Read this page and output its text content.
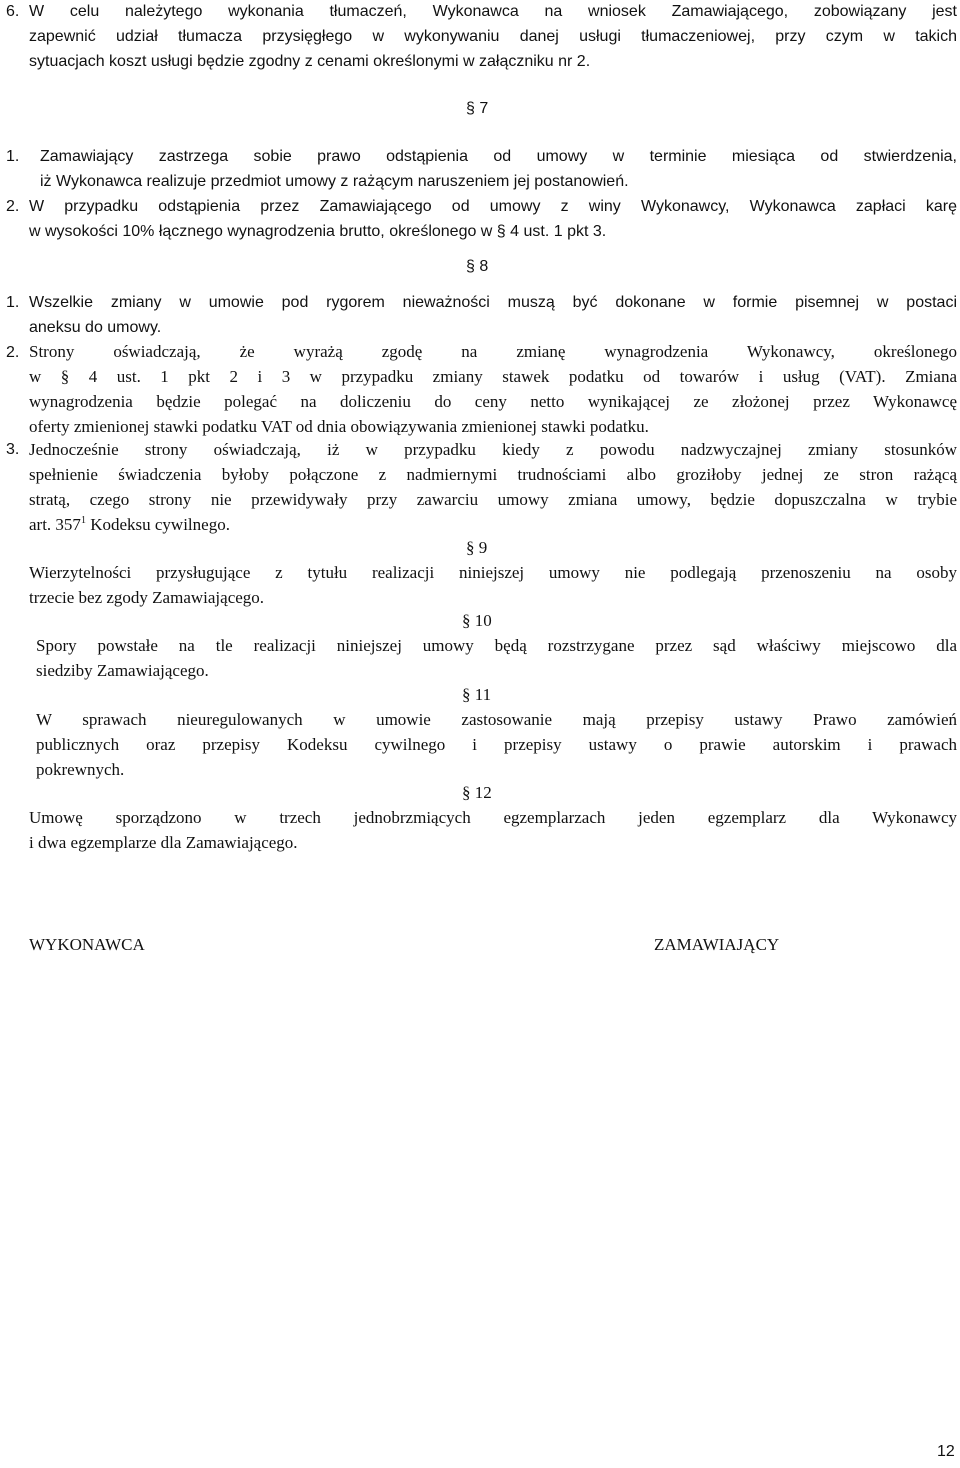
6. W celu należytego wykonania tłumaczeń, Wykonawca na wniosek Zamawiającego, zobowiązany jest
zapewnić udział tłumacza przysięgłego w wykonywaniu danej usługi tłumaczeniowej, przy czym w takich
sytuacjach koszt usługi będzie zgodny z cenami określonymi w załączniku nr 2.
§ 7
1. Zamawiający zastrzega sobie prawo odstąpienia od umowy w terminie miesiąca od stwierdzenia,
iż Wykonawca realizuje przedmiot umowy z rażącym naruszeniem jej postanowień.
2. W przypadku odstąpienia przez Zamawiającego od umowy z winy Wykonawcy, Wykonawca zapłaci karę
w wysokości 10% łącznego wynagrodzenia brutto, określonego w § 4 ust. 1 pkt 3.
§ 8
1. Wszelkie zmiany w umowie pod rygorem nieważności muszą być dokonane w formie pisemnej w postaci
aneksu do umowy.
2. Strony oświadczają, że wyrażą zgodę na zmianę wynagrodzenia Wykonawcy, określonego
w § 4 ust. 1 pkt 2 i 3 w przypadku zmiany stawek podatku od towarów i usług (VAT). Zmiana
wynagrodzenia będzie polegać na doliczeniu do ceny netto wynikającej ze złożonej przez Wykonawcę
oferty zmienionej stawki podatku VAT od dnia obowiązywania zmienionej stawki podatku.
3. Jednocześnie strony oświadczają, iż w przypadku kiedy z powodu nadzwyczajnej zmiany stosunków
spełnienie świadczenia byłoby połączone z nadmiernymi trudnościami albo groziłoby jednej ze stron rażącą
stratą, czego strony nie przewidywały przy zawarciu umowy zmiana umowy, będzie dopuszczalna w trybie
art. $357^1$ Kodeksu cywilnego.
§ 9
Wierzytelności przysługujące z tytułu realizacji niniejszej umowy nie podlegają przenoszeniu na osoby
trzecie bez zgody Zamawiającego.
§ 10
Spory powstałe na tle realizacji niniejszej umowy będą rozstrzygane przez sąd właściwy miejscowo dla
siedziby Zamawiającego.
§ 11
W sprawach nieuregulowanych w umowie zastosowanie mają przepisy ustawy Prawo zamówień
publicznych oraz przepisy Kodeksu cywilnego i przepisy ustawy o prawie autorskim i prawach
pokrewnych.
§ 12
Umowę sporządzono w trzech jednobrzmiących egzemplarzach jeden egzemplarz dla Wykonawcy
i dwa egzemplarze dla Zamawiającego.
WYKONAWCA	ZAMAWIAJĄCY
12
